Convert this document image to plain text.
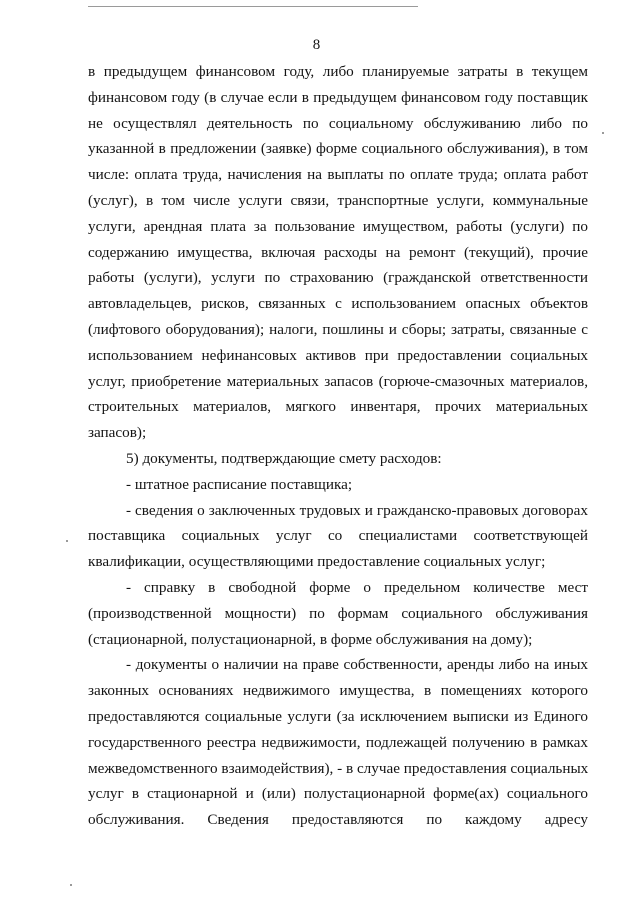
8
в предыдущем финансовом году, либо планируемые затраты в текущем
финансовом году (в случае если в предыдущем финансовом году поставщик
не осуществлял деятельность по социальному обслуживанию либо по
указанной в предложении (заявке) форме социального обслуживания), в том
числе: оплата труда, начисления на выплаты по оплате труда; оплата работ
(услуг), в том числе услуги связи, транспортные услуги, коммунальные
услуги, арендная плата за пользование имуществом, работы (услуги) по
содержанию имущества, включая расходы на ремонт (текущий), прочие
работы (услуги), услуги по страхованию (гражданской ответственности
автовладельцев, рисков, связанных с использованием опасных объектов
(лифтового оборудования); налоги, пошлины и сборы; затраты, связанные с
использованием нефинансовых активов при предоставлении социальных
услуг, приобретение материальных запасов (горюче-смазочных материалов,
строительных материалов, мягкого инвентаря, прочих материальных
запасов);
5) документы, подтверждающие смету расходов:
- штатное расписание поставщика;
- сведения о заключенных трудовых и гражданско-правовых договорах
поставщика социальных услуг со специалистами соответствующей
квалификации, осуществляющими предоставление социальных услуг;
- справку в свободной форме о предельном количестве мест
(производственной мощности) по формам социального обслуживания
(стационарной, полустационарной, в форме обслуживания на дому);
- документы о наличии на праве собственности, аренды либо на иных
законных основаниях недвижимого имущества, в помещениях которого
предоставляются социальные услуги (за исключением выписки из Единого
государственного реестра недвижимости, подлежащей получению в рамках
межведомственного взаимодействия), - в случае предоставления социальных
услуг в стационарной и (или) полустационарной форме(ах) социального
обслуживания. Сведения предоставляются по каждому адресу
